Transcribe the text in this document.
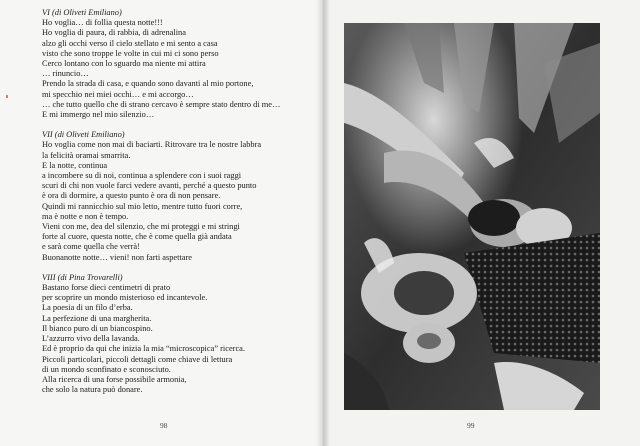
VI (di Oliveti Emiliano)
Ho voglia… di follia questa notte!!!
Ho voglia di paura, di rabbia, di adrenalina
alzo gli occhi verso il cielo stellato e mi sento a casa
visto che sono troppe le volte in cui mi ci sono perso
Cerco lontano con lo sguardo ma niente mi attira
… rinuncio…
Prendo la strada di casa, e quando sono davanti al mio portone,
mi specchio nei miei occhi… e mi accorgo…
… che tutto quello che di strano cercavo è sempre stato dentro di me…
E mi immergo nel mio silenzio…
VII (di Oliveti Emiliano)
Ho voglia come non mai di baciarti. Ritrovare tra le nostre labbra
la felicità oramai smarrita.
E la notte, continua
a incombere su di noi, continua a splendere con i suoi raggi
scuri di chi non vuole farci vedere avanti, perché a questo punto
è ora di dormire, a questo punto è ora di non pensare.
Quindi mi rannicchio sul mio letto, mentre tutto fuori corre,
ma è notte e non è tempo.
Vieni con me, dea del silenzio, che mi proteggi e mi stringi
forte al cuore, questa notte, che è come quella già andata
e sarà come quella che verrà!
Buonanotte notte… vieni! non farti aspettare
VIII (di Pina Trovarelli)
Bastano forse dieci centimetri di prato
per scoprire un mondo misterioso ed incantevole.
La poesia di un filo d’erba.
La perfezione di una margherita.
Il bianco puro di un biancospino.
L’azzurro vivo della lavanda.
Ed è proprio da qui che inizia la mia “microscopica” ricerca.
Piccoli particolari, piccoli dettagli come chiave di lettura
di un mondo sconfinato e sconosciuto.
Alla ricerca di una forse possibile armonia,
che solo la natura può donare.
98	99
